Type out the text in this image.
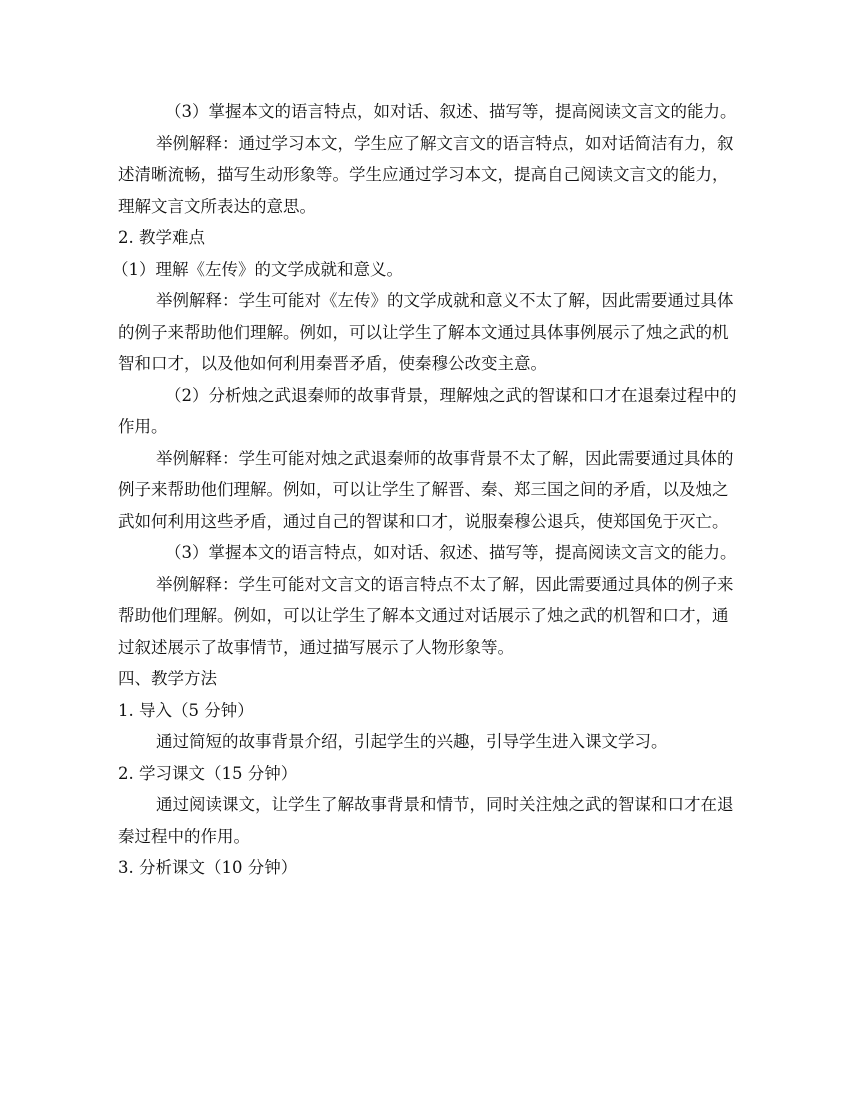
（3）掌握本文的语言特点，如对话、叙述、描写等，提高阅读文言文的能力。

举例解释：通过学习本文，学生应了解文言文的语言特点，如对话简洁有力，叙述清晰流畅，描写生动形象等。学生应通过学习本文，提高自己阅读文言文的能力，理解文言文所表达的意思。

2. 教学难点

（1）理解《左传》的文学成就和意义。

举例解释：学生可能对《左传》的文学成就和意义不太了解，因此需要通过具体的例子来帮助他们理解。例如，可以让学生了解本文通过具体事例展示了烛之武的机智和口才，以及他如何利用秦晋矛盾，使秦穆公改变主意。

（2）分析烛之武退秦师的故事背景，理解烛之武的智谋和口才在退秦过程中的作用。

举例解释：学生可能对烛之武退秦师的故事背景不太了解，因此需要通过具体的例子来帮助他们理解。例如，可以让学生了解晋、秦、郑三国之间的矛盾，以及烛之武如何利用这些矛盾，通过自己的智谋和口才，说服秦穆公退兵，使郑国免于灭亡。

（3）掌握本文的语言特点，如对话、叙述、描写等，提高阅读文言文的能力。

举例解释：学生可能对文言文的语言特点不太了解，因此需要通过具体的例子来帮助他们理解。例如，可以让学生了解本文通过对话展示了烛之武的机智和口才，通过叙述展示了故事情节，通过描写展示了人物形象等。

四、教学方法

1. 导入（5 分钟）

通过简短的故事背景介绍，引起学生的兴趣，引导学生进入课文学习。

2. 学习课文（15 分钟）

通过阅读课文，让学生了解故事背景和情节，同时关注烛之武的智谋和口才在退秦过程中的作用。

3. 分析课文（10 分钟）
